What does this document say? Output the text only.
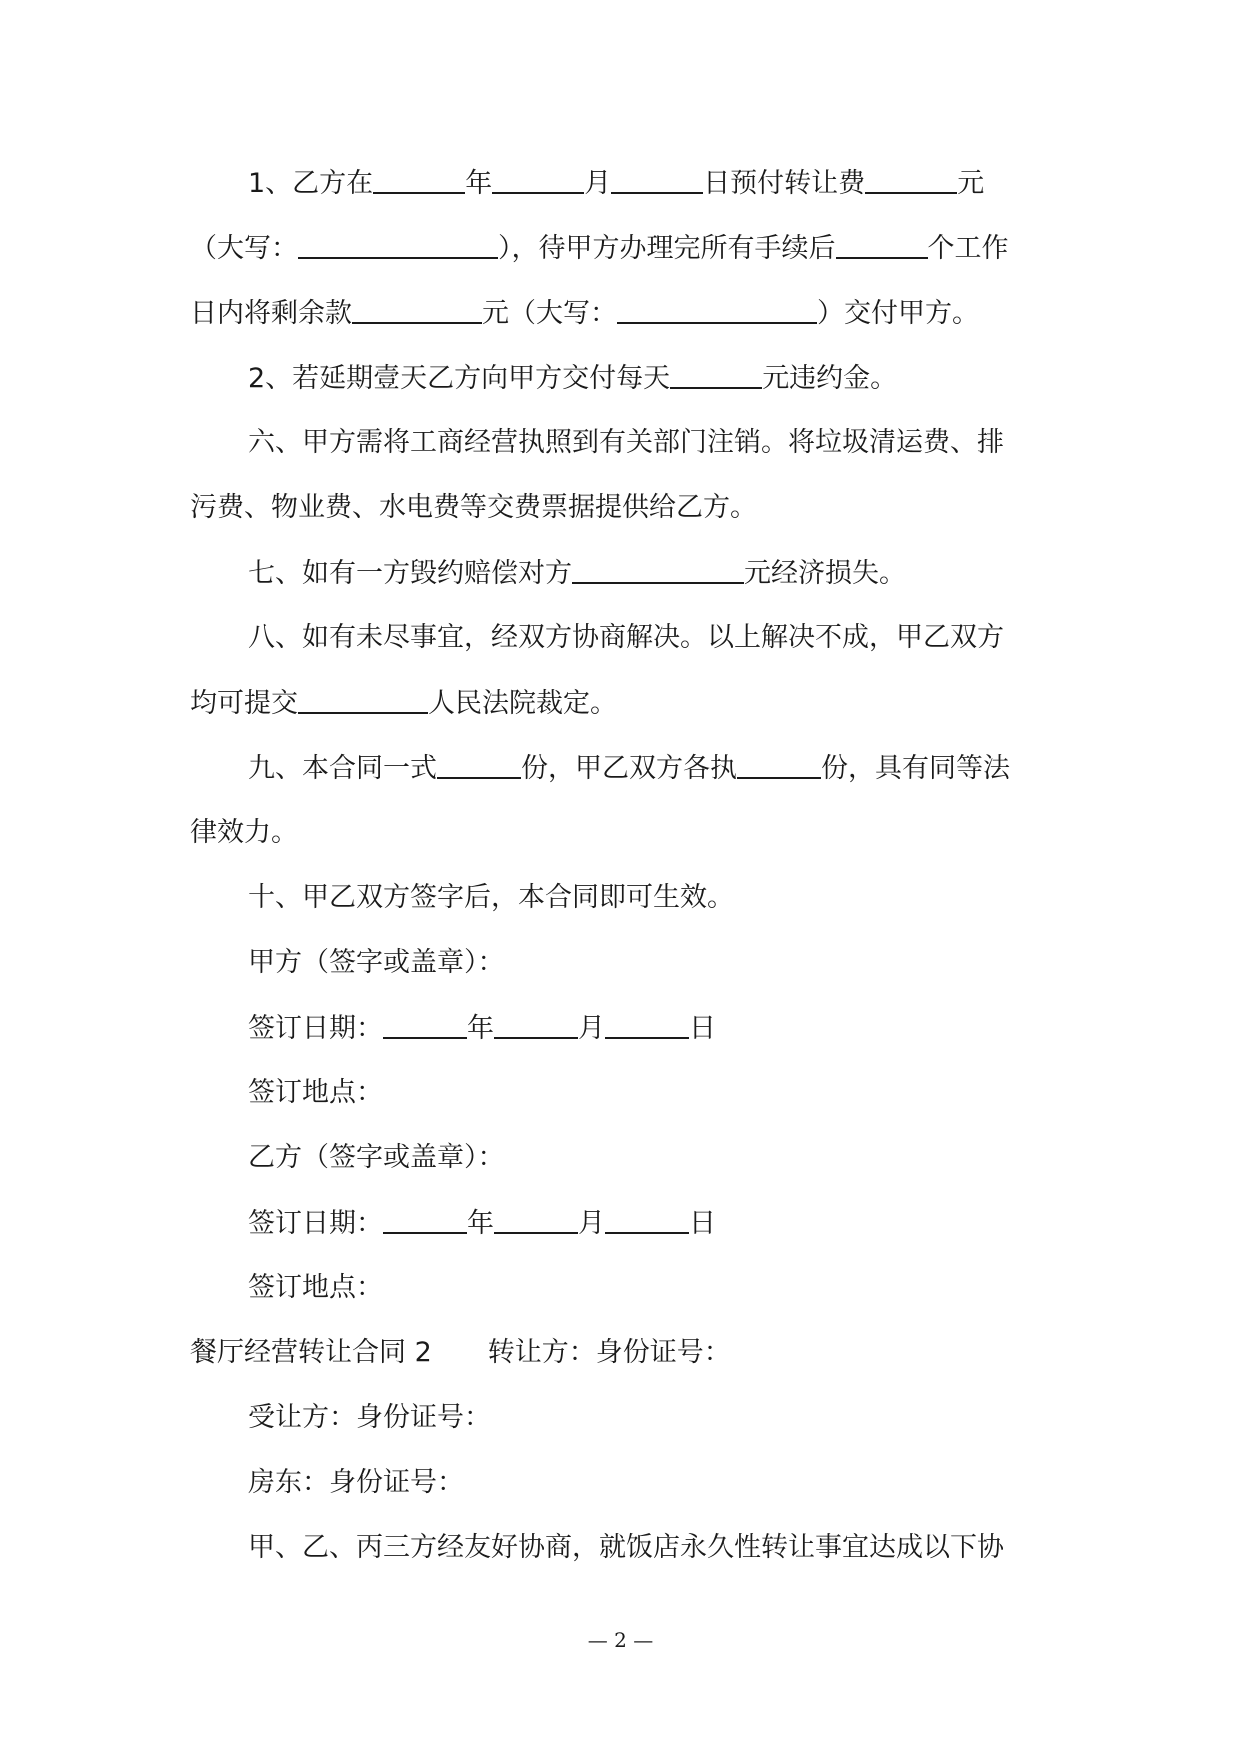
1、乙方在	年	月	日预付转让费	元
（大写：	），待甲方办理完所有手续后	个工作
日内将剩余款	元（大写：	）交付甲方。
2、若延期壹天乙方向甲方交付每天	元违约金。
六、甲方需将工商经营执照到有关部门注销。将垃圾清运费、排
污费、物业费、水电费等交费票据提供给乙方。
七、如有一方毁约赔偿对方	元经济损失。
八、如有未尽事宜，经双方协商解决。以上解决不成，甲乙双方
均可提交	人民法院裁定。
九、本合同一式	份，甲乙双方各执	份，具有同等法
律效力。
十、甲乙双方签字后，本合同即可生效。
甲方（签字或盖章）：
签订日期：	年	月	日
签订地点：
乙方（签字或盖章）：
签订日期：	年	月	日
签订地点：
餐厅经营转让合同 2 转让方：身份证号：
受让方：身份证号：
房东：身份证号：
甲、乙、丙三方经友好协商，就饭店永久性转让事宜达成以下协
— 2 —
